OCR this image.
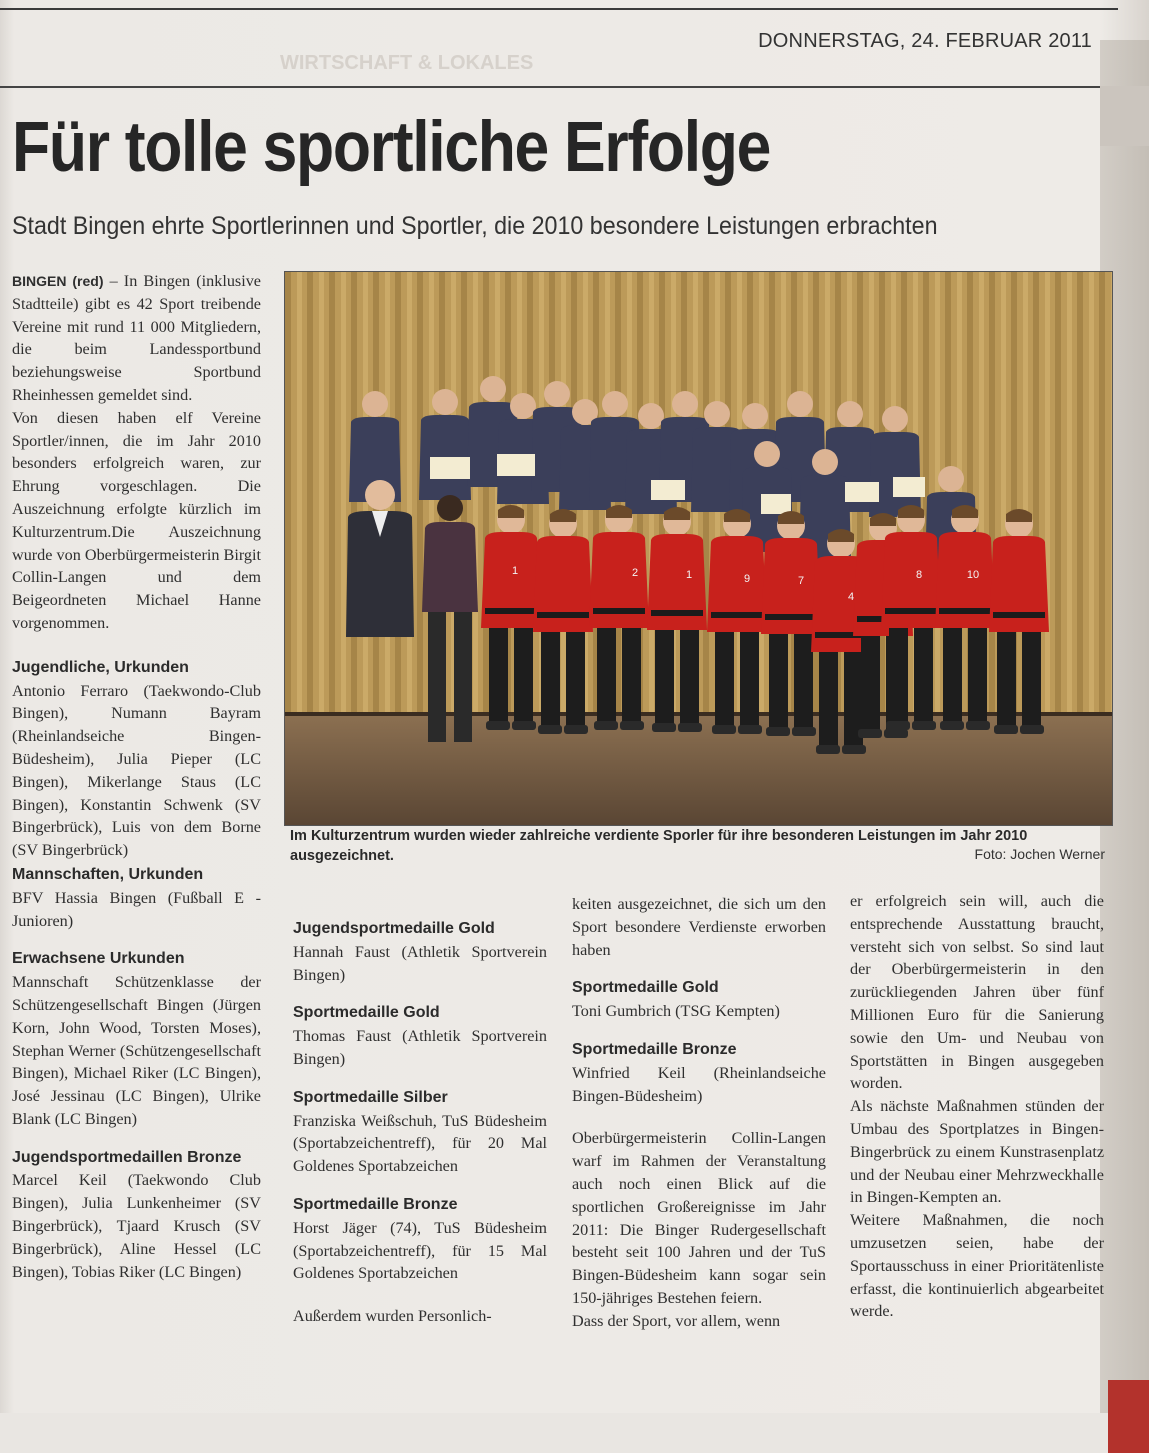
DONNERSTAG, 24. FEBRUAR 2011
WIRTSCHAFT & LOKALES
Für tolle sportliche Erfolge
Stadt Bingen ehrte Sportlerinnen und Sportler, die 2010 besondere Leistungen erbrachten

BINGEN (red) – In Bingen (inklusive Stadtteile) gibt es 42 Sport treibende Vereine mit rund 11 000 Mitgliedern, die beim Landessportbund beziehungsweise Sportbund Rheinhessen gemeldet sind.

Von diesen haben elf Vereine Sportler/innen, die im Jahr 2010 besonders erfolgreich waren, zur Ehrung vorgeschlagen. Die Auszeichnung erfolgte kürzlich im Kulturzentrum.Die Auszeichnung wurde von Oberbürgermeisterin Birgit Collin-Langen und dem Beigeordneten Michael Hanne vorgenommen.

Jugendliche, Urkunden

Antonio Ferraro (Taekwondo-Club Bingen), Numann Bayram (Rheinlandseiche Bingen-Büdesheim), Julia Pieper (LC Bingen), Mikerlange Staus (LC Bingen), Konstantin Schwenk (SV Bingerbrück), Luis von dem Borne (SV Bingerbrück)

Mannschaften, Urkunden

BFV Hassia Bingen (Fußball E - Junioren)

Erwachsene Urkunden

Mannschaft Schützenklasse der Schützengesellschaft Bingen (Jürgen Korn, John Wood, Torsten Moses), Stephan Werner (Schützengesellschaft Bingen), Michael Riker (LC Bingen), José Jessinau (LC Bingen), Ulrike Blank (LC Bingen)

Jugendsportmedaillen Bronze

Marcel Keil (Taekwondo Club Bingen), Julia Lunkenheimer (SV Bingerbrück), Tjaard Krusch (SV Bingerbrück), Aline Hessel (LC Bingen), Tobias Riker (LC Bingen)

1	2	1	9	7
4
8	10
Im Kulturzentrum wurden wieder zahlreiche verdiente Sporler für ihre besonderen Leistungen im Jahr 2010 ausgezeichnet.	Foto: Jochen Werner

Jugendsportmedaille Gold

Hannah Faust (Athletik Sportverein Bingen)

Sportmedaille Gold

Thomas Faust (Athletik Sportverein Bingen)

Sportmedaille Silber

Franziska Weißschuh, TuS Büdesheim (Sportabzeichentreff), für 20 Mal Goldenes Sportabzeichen

Sportmedaille Bronze

Horst Jäger (74), TuS Büdesheim (Sportabzeichentreff), für 15 Mal Goldenes Sportabzeichen

Außerdem wurden Personlich-

keiten ausgezeichnet, die sich um den Sport besondere Verdienste erworben haben

Sportmedaille Gold

Toni Gumbrich (TSG Kempten)

Sportmedaille Bronze

Winfried Keil (Rheinlandseiche Bingen-Büdesheim)

Oberbürgermeisterin Collin-Langen warf im Rahmen der Veranstaltung auch noch einen Blick auf die sportlichen Großereignisse im Jahr 2011: Die Binger Rudergesellschaft besteht seit 100 Jahren und der TuS Bingen-Büdesheim kann sogar sein 150-jähriges Bestehen feiern.

Dass der Sport, vor allem, wenn

er erfolgreich sein will, auch die entsprechende Ausstattung braucht, versteht sich von selbst. So sind laut der Oberbürgermeisterin in den zurückliegenden Jahren über fünf Millionen Euro für die Sanierung sowie den Um- und Neubau von Sportstätten in Bingen ausgegeben worden.

Als nächste Maßnahmen stünden der Umbau des Sportplatzes in Bingen-Bingerbrück zu einem Kunstrasenplatz und der Neubau einer Mehrzweckhalle in Bingen-Kempten an.

Weitere Maßnahmen, die noch umzusetzen seien, habe der Sportausschuss in einer Prioritätenliste erfasst, die kontinuierlich abgearbeitet werde.
